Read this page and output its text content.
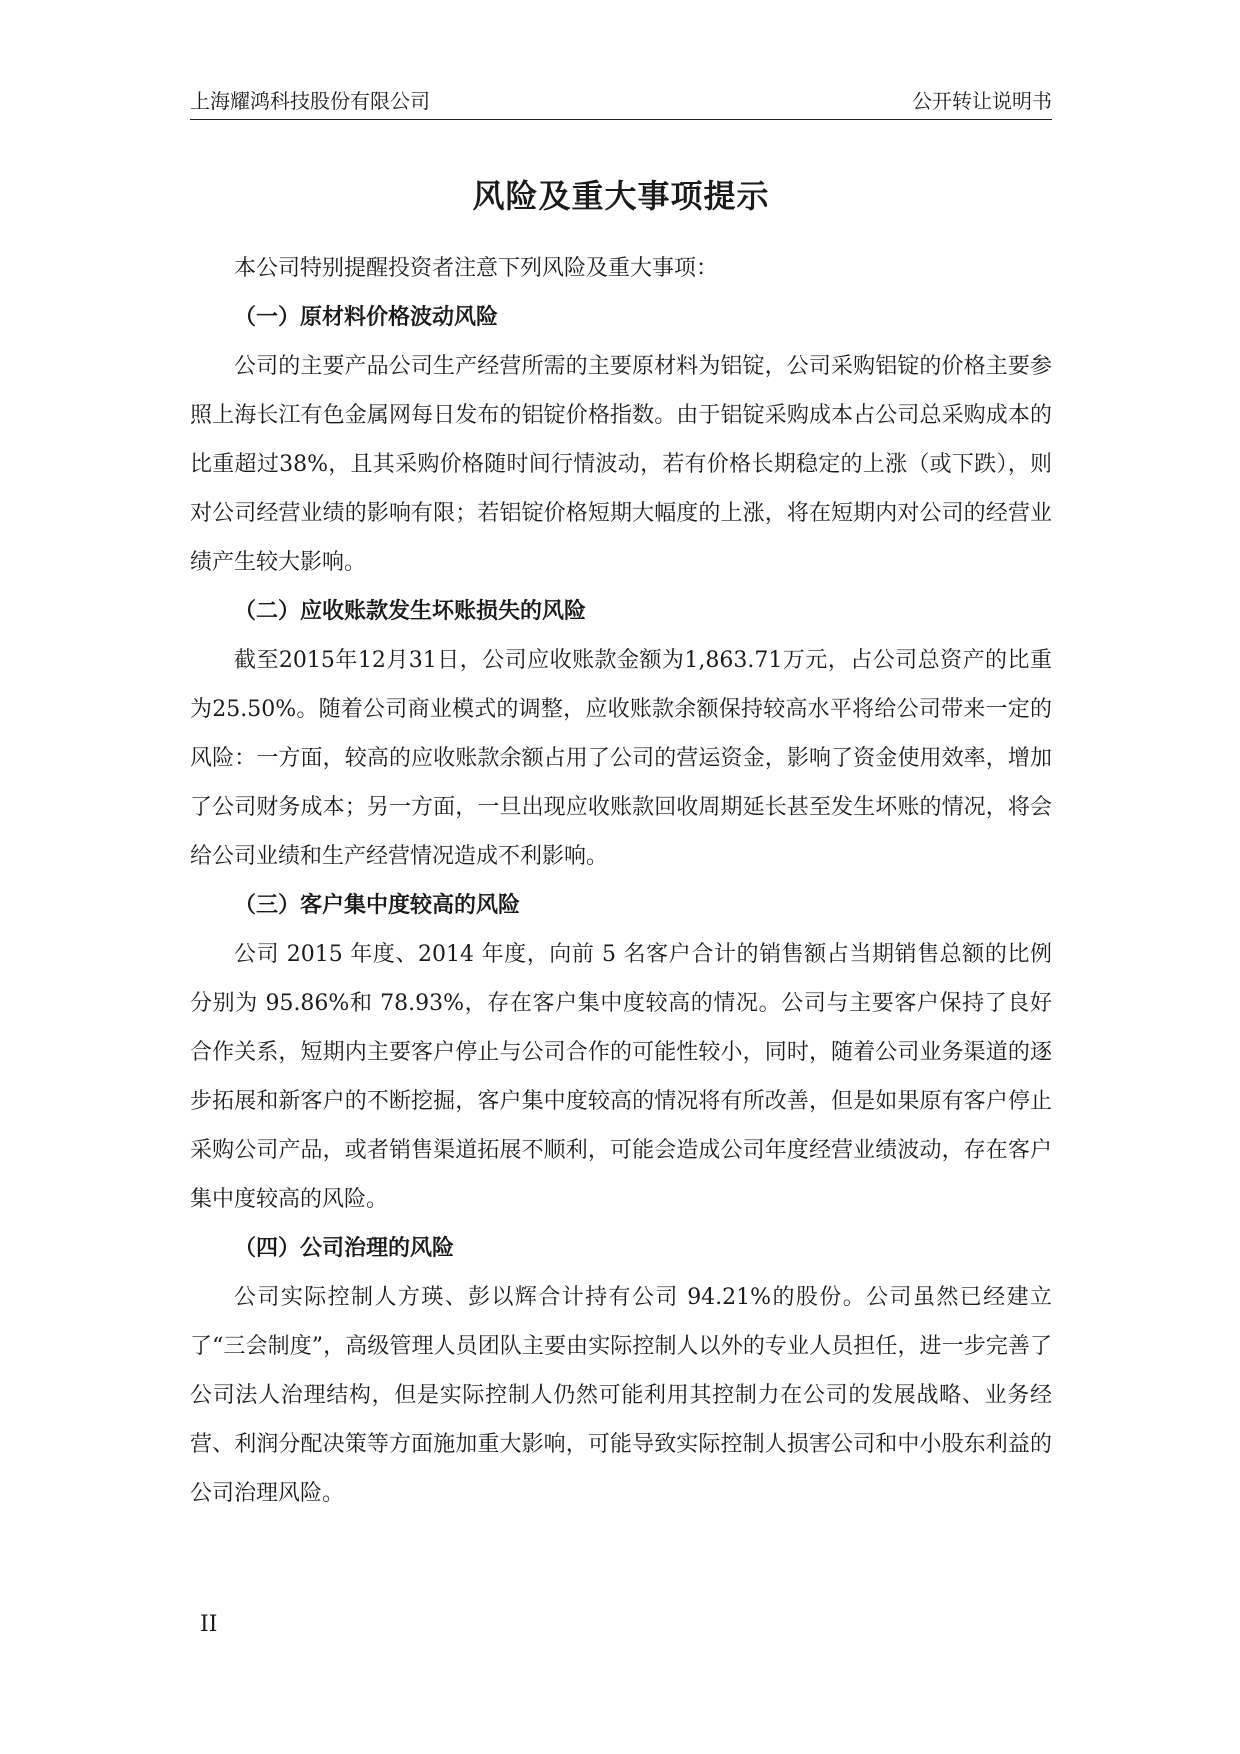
上海耀鸿科技股份有限公司	公开转让说明书
风险及重大事项提示

本公司特别提醒投资者注意下列风险及重大事项：

（一）原材料价格波动风险

公司的主要产品公司生产经营所需的主要原材料为铝锭，公司采购铝锭的价格主要参照上海长江有色金属网每日发布的铝锭价格指数。由于铝锭采购成本占公司总采购成本的比重超过38%，且其采购价格随时间行情波动，若有价格长期稳定的上涨（或下跌），则对公司经营业绩的影响有限；若铝锭价格短期大幅度的上涨，将在短期内对公司的经营业绩产生较大影响。

（二）应收账款发生坏账损失的风险

截至2015年12月31日，公司应收账款金额为1,863.71万元，占公司总资产的比重为25.50%。随着公司商业模式的调整，应收账款余额保持较高水平将给公司带来一定的风险：一方面，较高的应收账款余额占用了公司的营运资金，影响了资金使用效率，增加了公司财务成本；另一方面，一旦出现应收账款回收周期延长甚至发生坏账的情况，将会给公司业绩和生产经营情况造成不利影响。

（三）客户集中度较高的风险

公司 2015 年度、2014 年度，向前 5 名客户合计的销售额占当期销售总额的比例分别为 95.86%和 78.93%，存在客户集中度较高的情况。公司与主要客户保持了良好合作关系，短期内主要客户停止与公司合作的可能性较小，同时，随着公司业务渠道的逐步拓展和新客户的不断挖掘，客户集中度较高的情况将有所改善，但是如果原有客户停止采购公司产品，或者销售渠道拓展不顺利，可能会造成公司年度经营业绩波动，存在客户集中度较高的风险。

（四）公司治理的风险

公司实际控制人方瑛、彭以辉合计持有公司 94.21%的股份。公司虽然已经建立了“三会制度”，高级管理人员团队主要由实际控制人以外的专业人员担任，进一步完善了公司法人治理结构，但是实际控制人仍然可能利用其控制力在公司的发展战略、业务经营、利润分配决策等方面施加重大影响，可能导致实际控制人损害公司和中小股东利益的公司治理风险。

II
